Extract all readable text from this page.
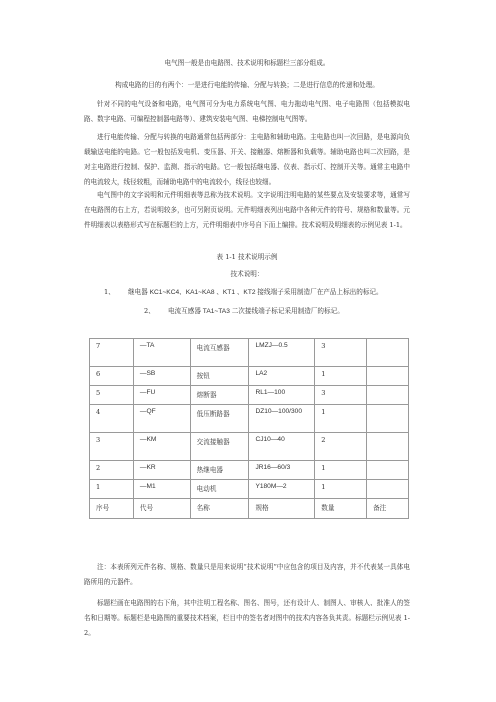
电气图一般是由电路图、技术说明和标题栏三部分组成。
构成电路的目的有两个：一是进行电能的传输、分配与转换；二是进行信息的传递和处理。
针对不同的电气设备和电路，电气图可分为电力系统电气图、电力拖动电气图、电子电路图（包括模拟电路、数字电路、可编程控制器电路等）、建筑安装电气图、电梯控制电气图等。
进行电能传输、分配与转换的电路通常包括两部分：主电路和辅助电路。主电路也叫一次回路，是电源向负载输送电能的电路。它一般包括发电机、变压器、开关、接触器、熔断器和负载等。辅助电路也叫二次回路，是对主电路进行控制、保护、监测、指示的电路。它一般包括继电器、仪表、指示灯、控制开关等。通常主电路中的电流较大，线径较粗，而辅助电路中的电流较小，线径也较细。
电气图中的文字说明和元件明细表等总称为技术说明。文字说明注明电路的某些要点及安装要求等，通常写在电路图的右上方，若说明较多，也可另附页说明。元件明细表列出电路中各种元件的符号、规格和数量等。元件明细表以表格形式写在标题栏的上方，元件明细表中序号自下而上编排。技术说明及明细表的示例见表 1-1。
表 1-1 技术说明示例
技术说明：
1、 继电器 KC1~KC4、KA1~KA8 、KT1 、KT2 接线端子采用制造厂在产品上标出的标记。
2、 电流互感器 TA1~TA3 二次接线端子标记采用制造厂的标记。
7	—TA	电流互感器	LMZJ—0.5	3	
6	—SB	按钮	LA2	1	
5	—FU	熔断器	RL1—100	3	
4	—QF	低压断路器	DZ10—100/300	1	
3	—KM	交流接触器	CJ10—40	2	
2	—KR	热继电器	JR16—60/3	1	
1	—M1	电动机	Y180M—2	1	
序号	代号	名称	规格	数量	备注
注：本表所列元件名称、规格、数量只是用来说明“技术说明”中应包含的项目及内容，并不代表某一具体电路所用的元器件。
标题栏画在电路图的右下角，其中注明工程名称、图名、图号，还有设计人、制图人、审核人、批准人的签名和日期等。标题栏是电路图的重要技术档案，栏目中的签名者对图中的技术内容各负其责。标题栏示例见表 1-2。
